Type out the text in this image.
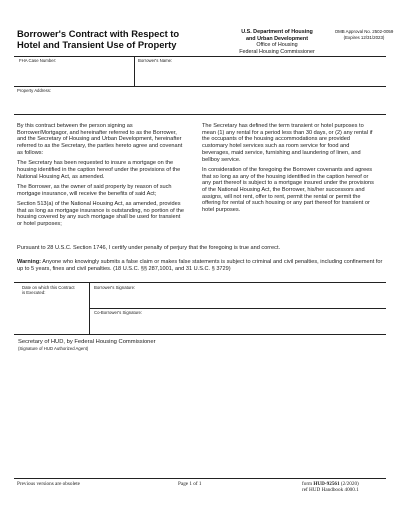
Borrower's Contract with Respect to
Hotel and Transient Use of Property
U.S. Department of Housing
and Urban Development
Office of Housing
Federal Housing Commissioner
OMB Approval No. 2502-0059
(Expires 12/31/2023)
FHA Case Number:	Borrower's Name:
Property Address:

By this contract between the person signing as Borrower/Mortgagor, and hereinafter referred to as the Borrower, and the Secretary of Housing and Urban Development, hereinafter referred to as the Secretary, the parties hereto agree and covenant as follows:

The Secretary has been requested to insure a mortgage on the housing identified in the caption hereof under the provisions of the National Housing Act, as amended.

The Borrower, as the owner of said property by reason of such mortgage insurance, will receive the benefits of said Act;

Section 513(a) of the National Housing Act, as amended, provides that as long as mortgage insurance is outstanding, no portion of the housing covered by any such mortgage shall be used for transient or hotel purposes;

The Secretary has defined the term transient or hotel purposes to mean (1) any rental for a period less than 30 days, or (2) any rental if the occupants of the housing accommodations are provided customary hotel services such as room service for food and beverages, maid service, furnishing and laundering of linen, and bellboy service.

In consideration of the foregoing the Borrower covenants and agrees that so long as any of the housing identified in the caption hereof or any part thereof is subject to a mortgage insured under the provisions of the National Housing Act, the Borrower, his/her successors and assigns, will not rent, offer to rent, permit the rental or permit the offering for rental of such housing or any part thereof for transient or hotel purposes.

Pursuant to 28 U.S.C. Section 1746, I certify under penalty of perjury that the foregoing is true and correct.
Warning: Anyone who knowingly submits a false claim or makes false statements is subject to criminal and civil penalties, including confinement for up to 5 years, fines and civil penalties. (18 U.S.C. §§ 287,1001, and 31 U.S.C. § 3729)
Date on which this Contract
is Executed:
Borrower's Signature:
Co-Borrower's Signature:
Secretary of HUD, by Federal Housing Commissioner
(Signature of HUD Authorized Agent)
Previous versions are obsolete	Page 1 of 1	form HUD-92561 (2/2020)
ref HUD Handbook 4000.1
